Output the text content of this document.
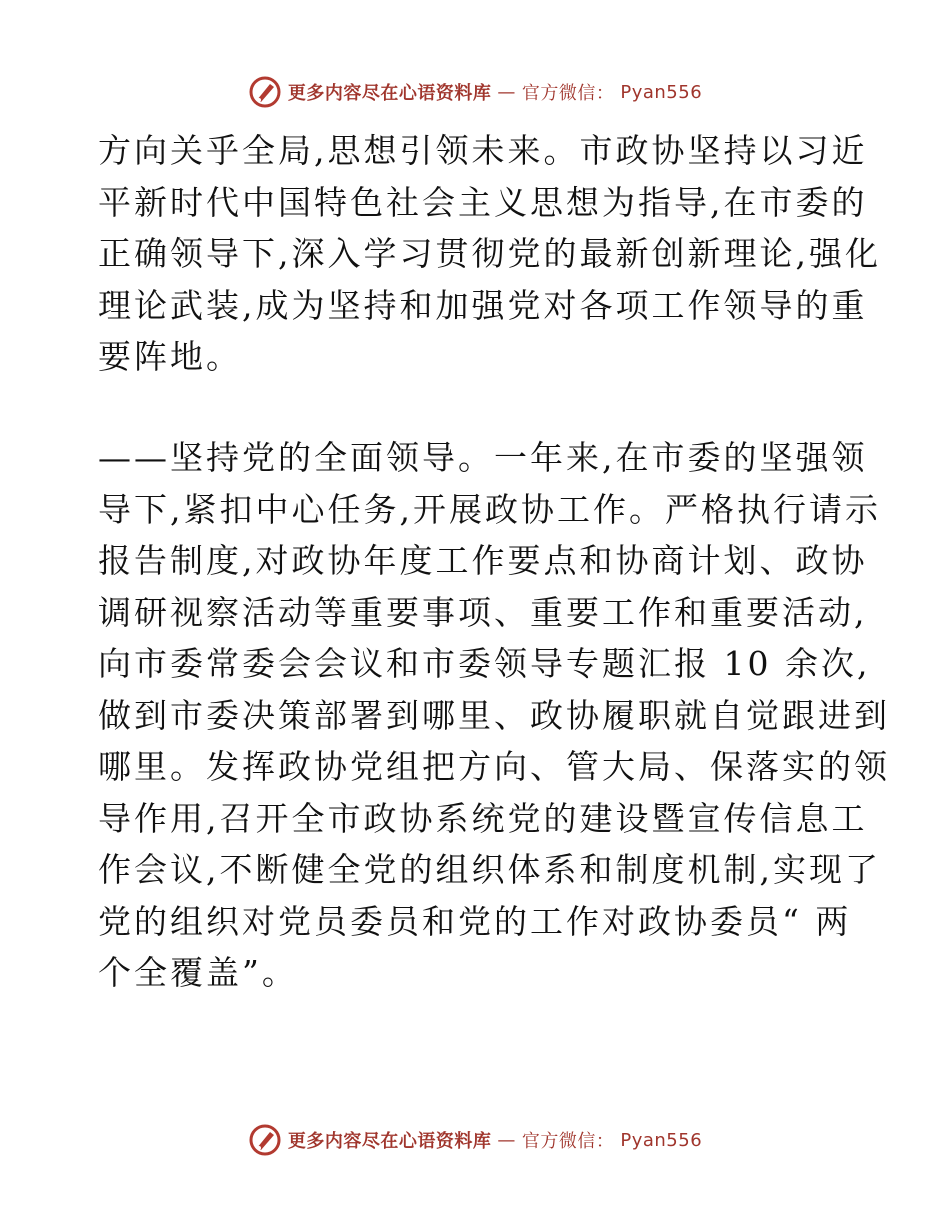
更多内容尽在心语资料库 — 官方微信： Pyan556
方向关乎全局,思想引领未来。市政协坚持以习近
平新时代中国特色社会主义思想为指导,在市委的
正确领导下,深入学习贯彻党的最新创新理论,强化
理论武装,成为坚持和加强党对各项工作领导的重
要阵地。
——坚持党的全面领导。一年来,在市委的坚强领
导下,紧扣中心任务,开展政协工作。严格执行请示
报告制度,对政协年度工作要点和协商计划、政协
调研视察活动等重要事项、重要工作和重要活动,
向市委常委会会议和市委领导专题汇报 10 余次,
做到市委决策部署到哪里、政协履职就自觉跟进到
哪里。发挥政协党组把方向、管大局、保落实的领
导作用,召开全市政协系统党的建设暨宣传信息工
作会议,不断健全党的组织体系和制度机制,实现了
党的组织对党员委员和党的工作对政协委员“ 两
个全覆盖”。
更多内容尽在心语资料库 — 官方微信： Pyan556
